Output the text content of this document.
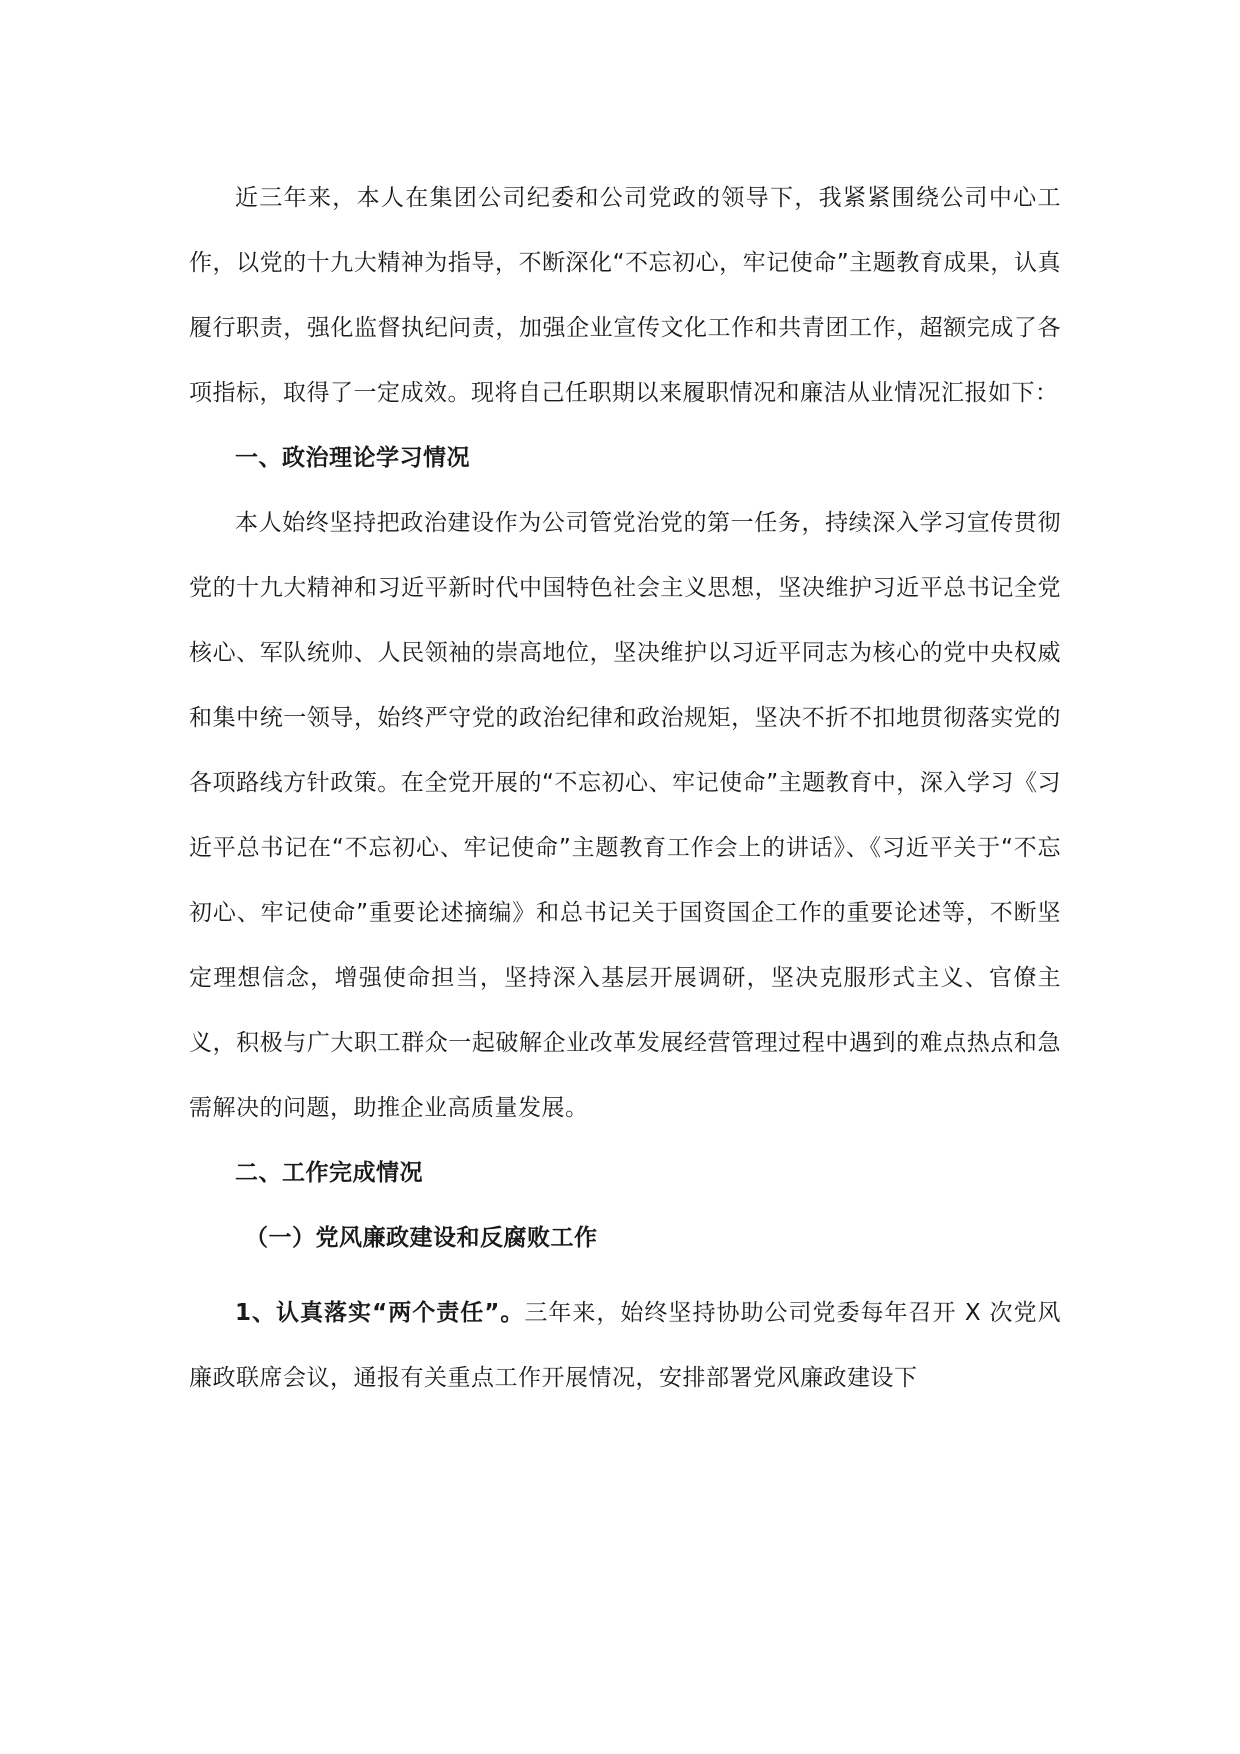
近三年来，本人在集团公司纪委和公司党政的领导下，我紧紧围绕公司中心工作，以党的十九大精神为指导，不断深化“不忘初心，牢记使命”主题教育成果，认真履行职责，强化监督执纪问责，加强企业宣传文化工作和共青团工作，超额完成了各项指标，取得了一定成效。现将自己任职期以来履职情况和廉洁从业情况汇报如下：

一、政治理论学习情况

本人始终坚持把政治建设作为公司管党治党的第一任务，持续深入学习宣传贯彻党的十九大精神和习近平新时代中国特色社会主义思想，坚决维护习近平总书记全党核心、军队统帅、人民领袖的崇高地位，坚决维护以习近平同志为核心的党中央权威和集中统一领导，始终严守党的政治纪律和政治规矩，坚决不折不扣地贯彻落实党的各项路线方针政策。在全党开展的“不忘初心、牢记使命”主题教育中，深入学习《习近平总书记在“不忘初心、牢记使命”主题教育工作会上的讲话》、《习近平关于“不忘初心、牢记使命”重要论述摘编》和总书记关于国资国企工作的重要论述等，不断坚定理想信念，增强使命担当，坚持深入基层开展调研，坚决克服形式主义、官僚主义，积极与广大职工群众一起破解企业改革发展经营管理过程中遇到的难点热点和急需解决的问题，助推企业高质量发展。

二、工作完成情况

（一）党风廉政建设和反腐败工作

1、认真落实“两个责任”。三年来，始终坚持协助公司党委每年召开 X 次党风廉政联席会议，通报有关重点工作开展情况，安排部署党风廉政建设下
